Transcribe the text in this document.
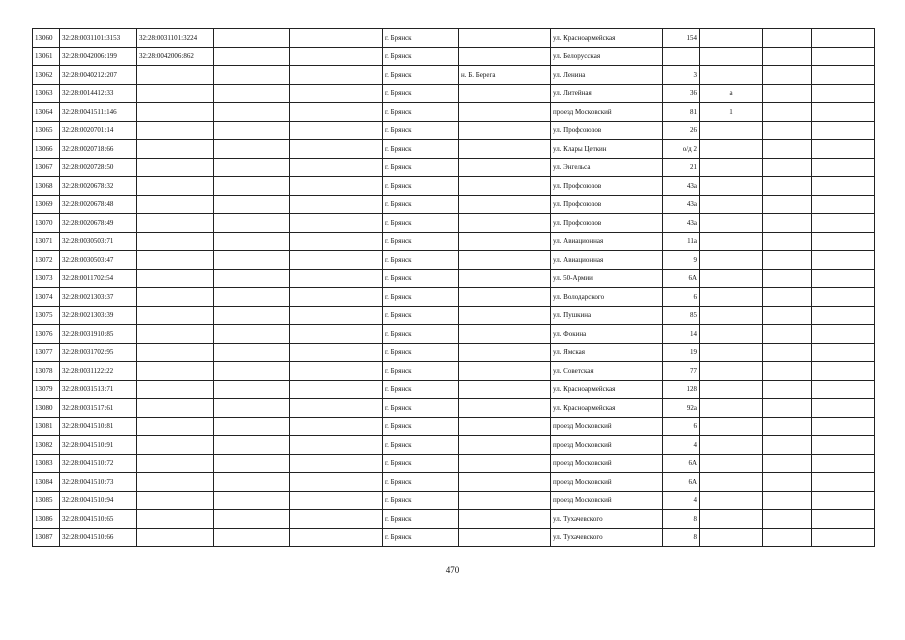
13060	32:28:0031101:3153	32:28:0031101:3224			г. Брянск		ул. Красноармейская	154			
13061	32:28:0042006:199	32:28:0042006:862			г. Брянск		ул. Белорусская				
13062	32:28:0040212:207				г. Брянск	н. Б. Берега	ул. Ленина	3			
13063	32:28:0014412:33				г. Брянск		ул. Литейная	36	а		
13064	32:28:0041511:146				г. Брянск		проезд Московский	81	1		
13065	32:28:0020701:14				г. Брянск		ул. Профсоюзов	26			
13066	32:28:0020718:66				г. Брянск		ул. Клары Цеткин	о/д 2			
13067	32:28:0020728:50				г. Брянск		ул. Энгельса	21			
13068	32:28:0020678:32				г. Брянск		ул. Профсоюзов	43а			
13069	32:28:0020678:48				г. Брянск		ул. Профсоюзов	43а			
13070	32:28:0020678:49				г. Брянск		ул. Профсоюзов	43а			
13071	32:28:0030503:71				г. Брянск		ул. Авиационная	11а			
13072	32:28:0030503:47				г. Брянск		ул. Авиационная	9			
13073	32:28:0011702:54				г. Брянск		ул. 50-Армии	6А			
13074	32:28:0021303:37				г. Брянск		ул. Володарского	6			
13075	32:28:0021303:39				г. Брянск		ул. Пушкина	85			
13076	32:28:0031910:85				г. Брянск		ул. Фокина	14			
13077	32:28:0031702:95				г. Брянск		ул. Ямская	19			
13078	32:28:0031122:22				г. Брянск		ул. Советская	77			
13079	32:28:0031513:71				г. Брянск		ул. Красноармейская	128			
13080	32:28:0031517:61				г. Брянск		ул. Красноармейская	92а			
13081	32:28:0041510:81				г. Брянск		проезд Московский	6			
13082	32:28:0041510:91				г. Брянск		проезд Московский	4			
13083	32:28:0041510:72				г. Брянск		проезд Московский	6А			
13084	32:28:0041510:73				г. Брянск		проезд Московский	6А			
13085	32:28:0041510:94				г. Брянск		проезд Московский	4			
13086	32:28:0041510:65				г. Брянск		ул. Тухачевского	8			
13087	32:28:0041510:66				г. Брянск		ул. Тухачевского	8			
470
